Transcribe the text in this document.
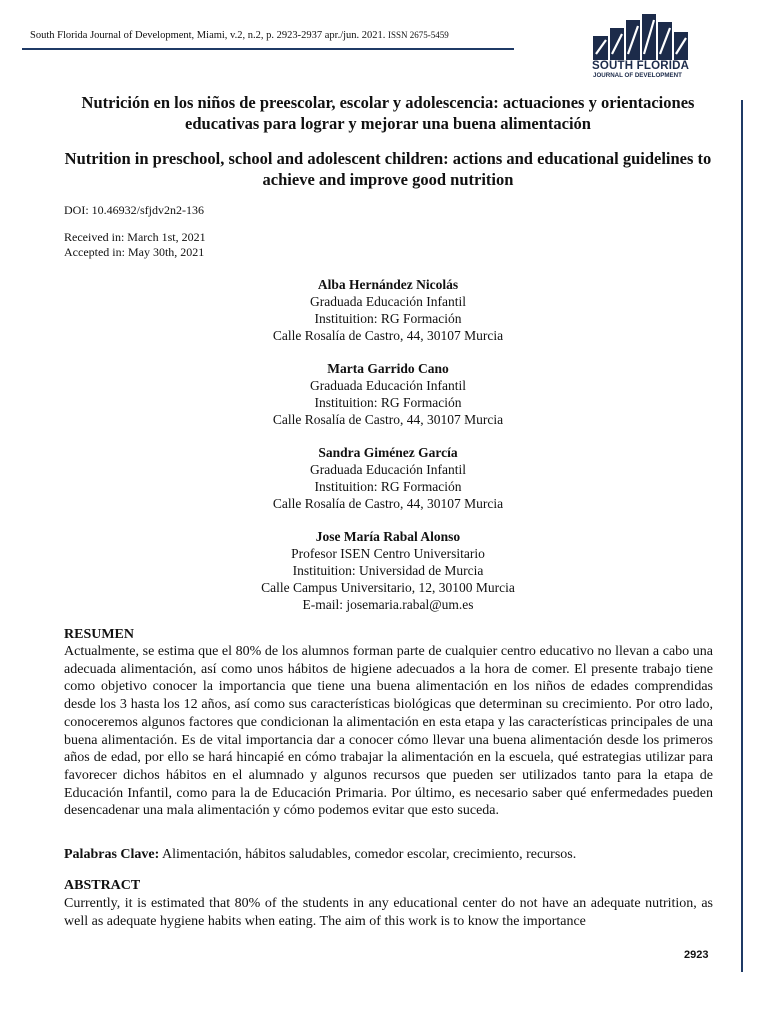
South Florida Journal of Development, Miami, v.2, n.2, p. 2923-2937 apr./jun. 2021. ISSN 2675-5459
SOUTH FLORIDA
JOURNAL OF DEVELOPMENT
Nutrición en los niños de preescolar, escolar y adolescencia: actuaciones y orientaciones educativas para lograr y mejorar una buena alimentación
Nutrition in preschool, school and adolescent children: actions and educational guidelines to achieve and improve good nutrition
DOI: 10.46932/sfjdv2n2-136
Received in: March 1st, 2021
Accepted in: May 30th, 2021
Alba Hernández Nicolás
Graduada Educación Infantil
Instituition: RG Formación
Calle Rosalía de Castro, 44, 30107 Murcia
Marta Garrido Cano
Graduada Educación Infantil
Instituition: RG Formación
Calle Rosalía de Castro, 44, 30107 Murcia
Sandra Giménez García
Graduada Educación Infantil
Instituition: RG Formación
Calle Rosalía de Castro, 44, 30107 Murcia
Jose María Rabal Alonso
Profesor ISEN Centro Universitario
Instituition: Universidad de Murcia
Calle Campus Universitario, 12, 30100 Murcia
E-mail: josemaria.rabal@um.es
RESUMEN
Actualmente, se estima que el 80% de los alumnos forman parte de cualquier centro educativo no llevan a cabo una adecuada alimentación, así como unos hábitos de higiene adecuados a la hora de comer. El presente trabajo tiene como objetivo conocer la importancia que tiene una buena alimentación en los niños de edades comprendidas desde los 3 hasta los 12 años, así como sus características biológicas que determinan su crecimiento. Por otro lado, conoceremos algunos factores que condicionan la alimentación en esta etapa y las características principales de una buena alimentación. Es de vital importancia dar a conocer cómo llevar una buena alimentación desde los primeros años de edad, por ello se hará hincapié en cómo trabajar la alimentación en la escuela, qué estrategias utilizar para favorecer dichos hábitos en el alumnado y algunos recursos que pueden ser utilizados tanto para la etapa de Educación Infantil, como para la de Educación Primaria. Por último, es necesario saber qué enfermedades pueden desencadenar una mala alimentación y cómo podemos evitar que esto suceda.
Palabras Clave: Alimentación, hábitos saludables, comedor escolar, crecimiento, recursos.
ABSTRACT
Currently, it is estimated that 80% of the students in any educational center do not have an adequate nutrition, as well as adequate hygiene habits when eating. The aim of this work is to know the importance
2923
